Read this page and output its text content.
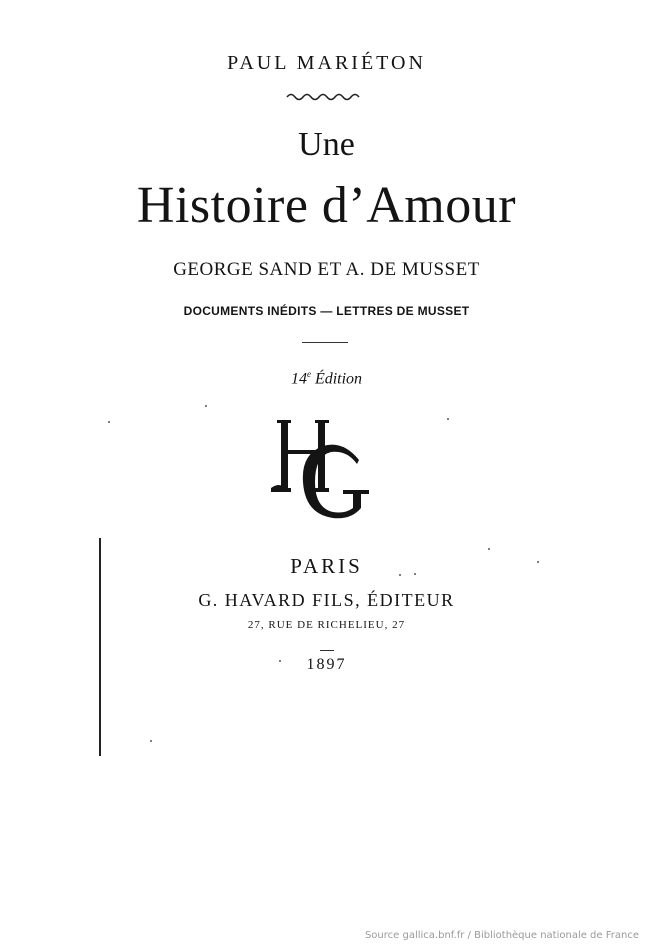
PAUL MARIÉTON
Une
Histoire d’Amour
GEORGE SAND ET A. DE MUSSET
DOCUMENTS INÉDITS — LETTRES DE MUSSET
14e Édition
PARIS
G. HAVARD FILS, ÉDITEUR
27, RUE DE RICHELIEU, 27
1897
Source gallica.bnf.fr / Bibliothèque nationale de France
